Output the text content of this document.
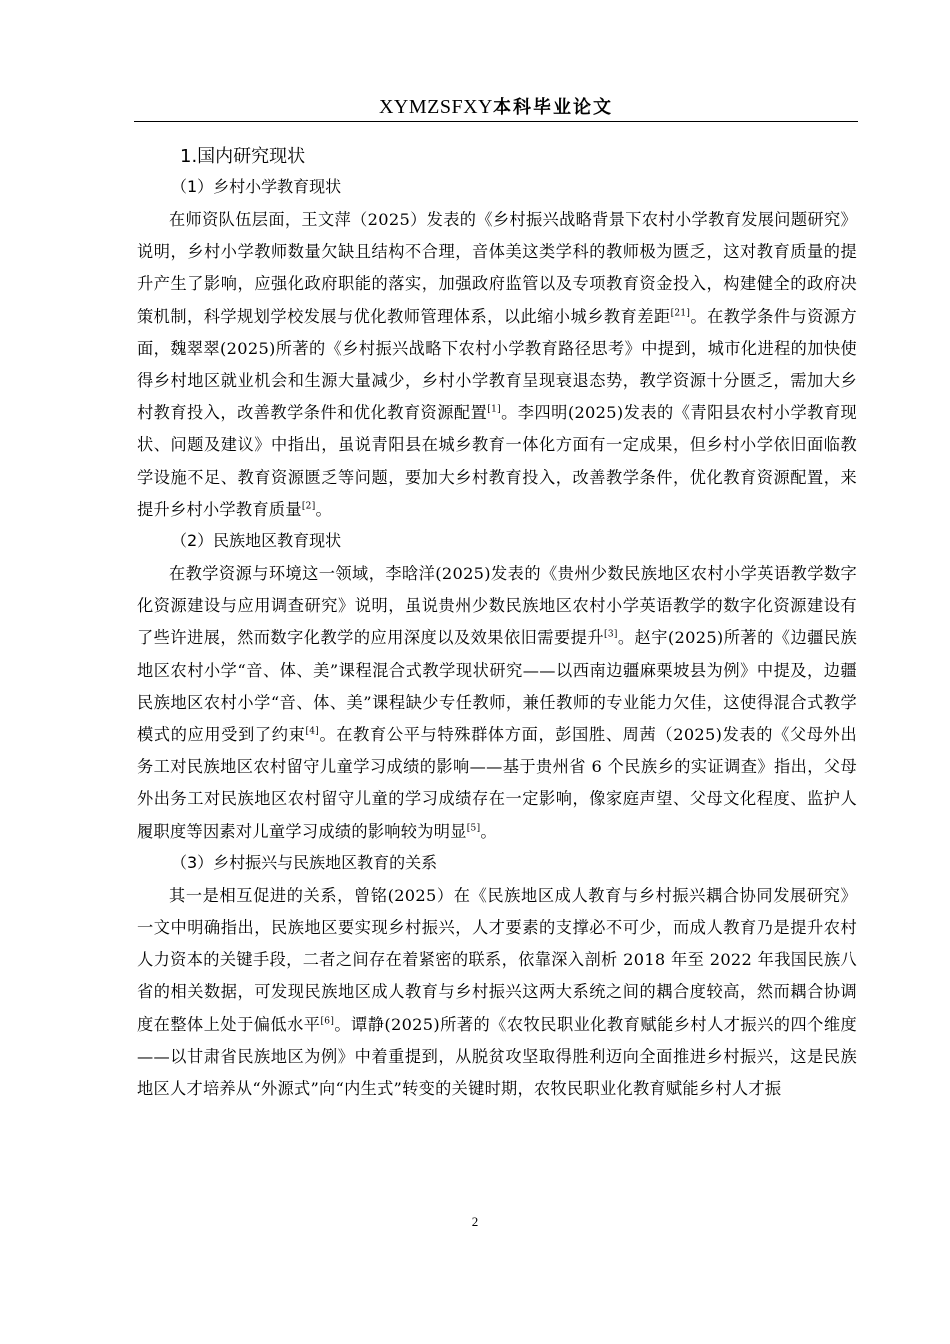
XYMZSFXY本科毕业论文
1.国内研究现状
（1）乡村小学教育现状

在师资队伍层面，王文萍（2025）发表的《乡村振兴战略背景下农村小学教育发展问题研究》说明，乡村小学教师数量欠缺且结构不合理，音体美这类学科的教师极为匮乏，这对教育质量的提升产生了影响，应强化政府职能的落实，加强政府监管以及专项教育资金投入，构建健全的政府决策机制，科学规划学校发展与优化教师管理体系，以此缩小城乡教育差距[21]。在教学条件与资源方面，魏翠翠(2025)所著的《乡村振兴战略下农村小学教育路径思考》中提到，城市化进程的加快使得乡村地区就业机会和生源大量减少，乡村小学教育呈现衰退态势，教学资源十分匮乏，需加大乡村教育投入，改善教学条件和优化教育资源配置[1]。李四明(2025)发表的《青阳县农村小学教育现状、问题及建议》中指出，虽说青阳县在城乡教育一体化方面有一定成果，但乡村小学依旧面临教学设施不足、教育资源匮乏等问题，要加大乡村教育投入，改善教学条件，优化教育资源配置，来提升乡村小学教育质量[2]。

（2）民族地区教育现状

在教学资源与环境这一领域，李晗洋(2025)发表的《贵州少数民族地区农村小学英语教学数字化资源建设与应用调查研究》说明，虽说贵州少数民族地区农村小学英语教学的数字化资源建设有了些许进展，然而数字化教学的应用深度以及效果依旧需要提升[3]。赵宇(2025)所著的《边疆民族地区农村小学“音、体、美”课程混合式教学现状研究——以西南边疆麻栗坡县为例》中提及，边疆民族地区农村小学“音、体、美”课程缺少专任教师，兼任教师的专业能力欠佳，这使得混合式教学模式的应用受到了约束[4]。在教育公平与特殊群体方面，彭国胜、周茜（2025)发表的《父母外出务工对民族地区农村留守儿童学习成绩的影响——基于贵州省 6 个民族乡的实证调查》指出，父母外出务工对民族地区农村留守儿童的学习成绩存在一定影响，像家庭声望、父母文化程度、监护人履职度等因素对儿童学习成绩的影响较为明显[5]。

（3）乡村振兴与民族地区教育的关系

其一是相互促进的关系，曾铭(2025）在《民族地区成人教育与乡村振兴耦合协同发展研究》一文中明确指出，民族地区要实现乡村振兴，人才要素的支撑必不可少，而成人教育乃是提升农村人力资本的关键手段，二者之间存在着紧密的联系，依靠深入剖析 2018 年至 2022 年我国民族八省的相关数据，可发现民族地区成人教育与乡村振兴这两大系统之间的耦合度较高，然而耦合协调度在整体上处于偏低水平[6]。谭静(2025)所著的《农牧民职业化教育赋能乡村人才振兴的四个维度——以甘肃省民族地区为例》中着重提到，从脱贫攻坚取得胜利迈向全面推进乡村振兴，这是民族地区人才培养从“外源式”向“内生式”转变的关键时期，农牧民职业化教育赋能乡村人才振

2
